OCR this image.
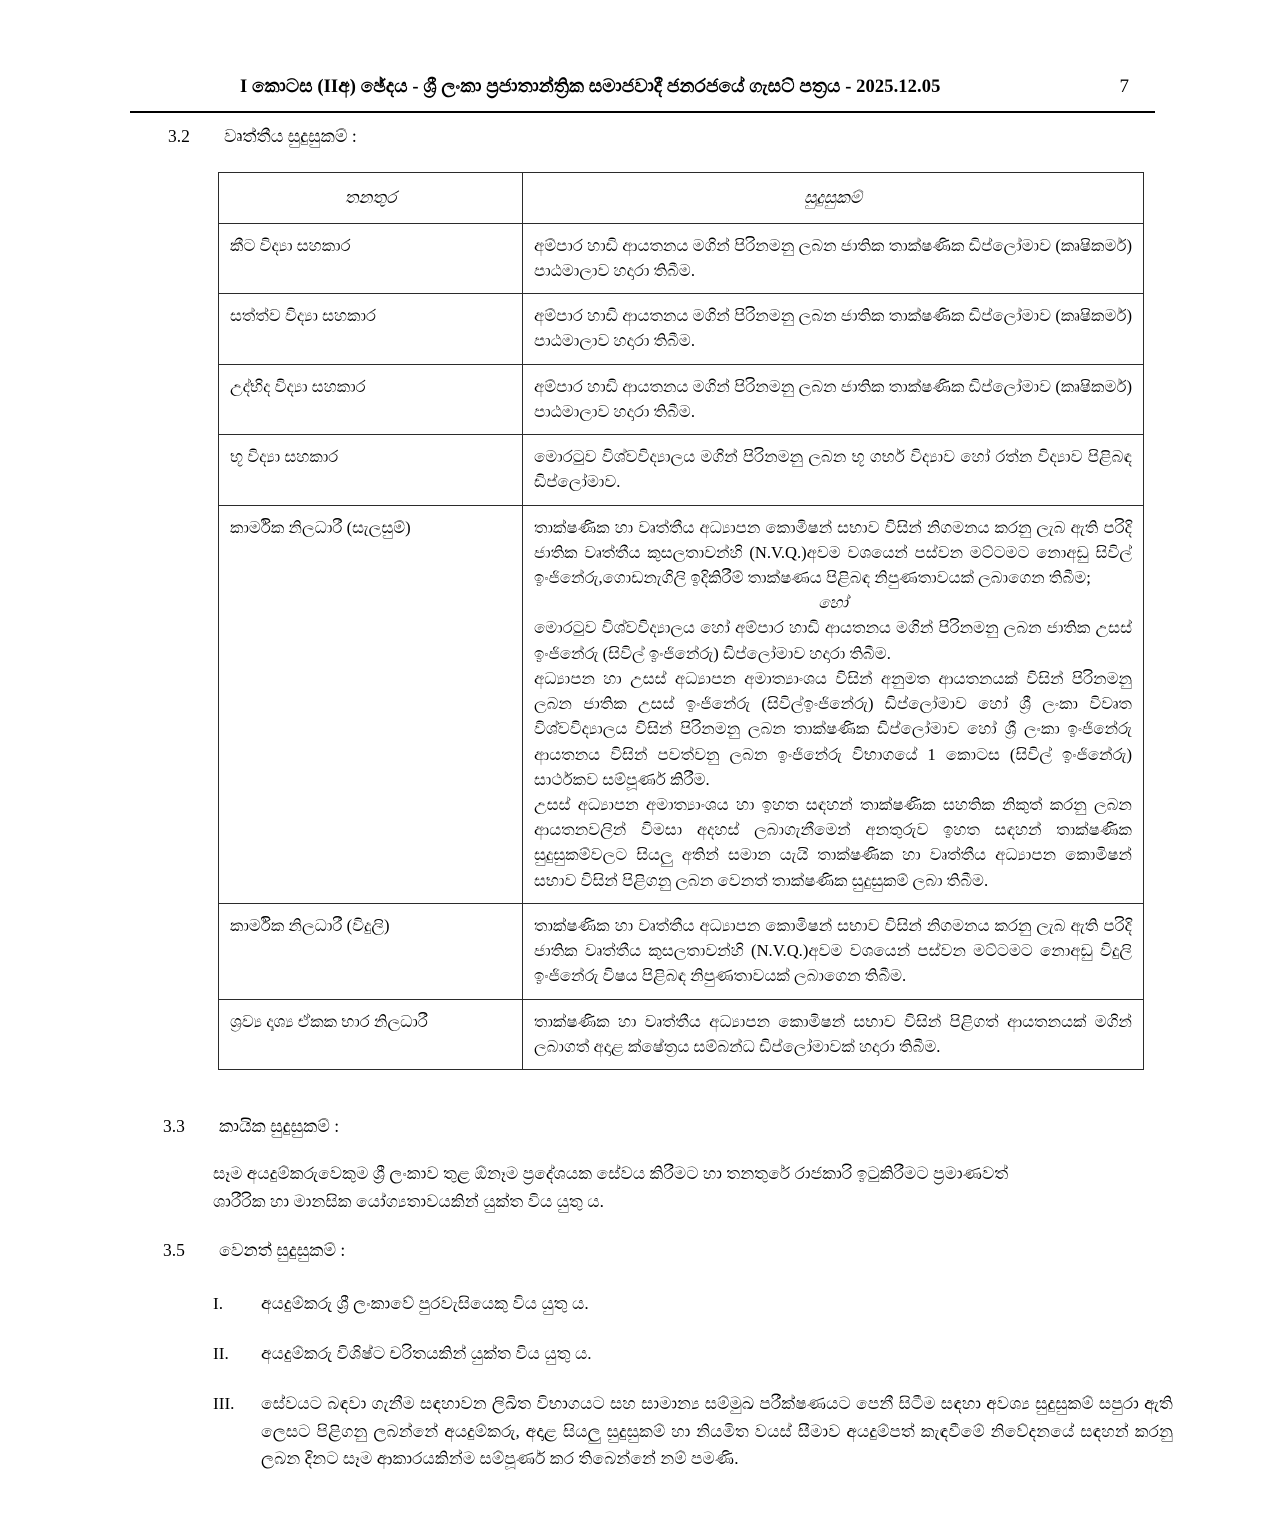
I කොටස (IIඅ) ඡේදය - ශ්‍රී ලංකා ප්‍රජාතාන්ත්‍රික සමාජවාදී ජනරජයේ ගැසට් පත්‍රය - 2025.12.05	7
3.2	වෘත්තීය සුදුසුකම් :
තනතුර	සුදුසුකම්
කීට විද්‍යා සහකාර	අම්පාර හාඩි ආයතනය මගින් පිරිනමනු ලබන ජාතික තාක්ෂණික ඩිප්ලෝමාව (කෘෂිකර්ම) පාඨමාලාව හදාරා තිබීම.
සත්ත්ව විද්‍යා සහකාර	අම්පාර හාඩි ආයතනය මගින් පිරිනමනු ලබන ජාතික තාක්ෂණික ඩිප්ලෝමාව (කෘෂිකර්ම) පාඨමාලාව හදාරා තිබීම.
උද්භිද විද්‍යා සහකාර	අම්පාර හාඩි ආයතනය මගින් පිරිනමනු ලබන ජාතික තාක්ෂණික ඩිප්ලෝමාව (කෘෂිකර්ම) පාඨමාලාව හදාරා තිබීම.
භූ විද්‍යා සහකාර	මොරටුව විශ්වවිද්‍යාලය මගින් පිරිනමනු ලබන භූ ගර්භ විද්‍යාව හෝ රත්න විද්‍යාව පිළිබඳ ඩිප්ලෝමාව.
කාර්මික නිලධාරී (සැලසුම්)	තාක්ෂණික හා වෘත්තීය අධ්‍යාපන කොමිෂන් සභාව විසින් නිගමනය කරනු ලැබ ඇති පරිදි ජාතික වෘත්තීය කුසලතාවන්හි (N.V.Q.)අවම වශයෙන් පස්වන මට්ටමට නොඅඩු සිවිල් ඉංජිනේරු,ගොඩනැගිලි ඉදිකිරීම් තාක්ෂණය පිළිබඳ නිපුණතාවයක් ලබාගෙන තිබීම;

හෝ

මොරටුව විශ්වවිද්‍යාලය හෝ අම්පාර හාඩි ආයතනය මගින් පිරිනමනු ලබන ජාතික උසස් ඉංජිනේරු (සිවිල් ඉංජිනේරු) ඩිප්ලෝමාව හදාරා තිබීම.

අධ්‍යාපන හා උසස් අධ්‍යාපන අමාත්‍යාංශය විසින් අනුමත ආයතනයක් විසින් පිරිනමනු ලබන ජාතික උසස් ඉංජිනේරු (සිවිල්ඉංජිනේරු) ඩිප්ලෝමාව හෝ ශ්‍රී ලංකා විවෘත විශ්වවිද්‍යාලය විසින් පිරිනමනු ලබන තාක්ෂණික ඩිප්ලෝමාව හෝ ශ්‍රී ලංකා ඉංජිනේරු ආයතනය විසින් පවත්වනු ලබන ඉංජිනේරු විභාගයේ 1 කොටස (සිවිල් ඉංජිනේරු) සාර්ථකව සම්පූර්ණ කිරීම.

උසස් අධ්‍යාපන අමාත්‍යාංශය හා ඉහත සඳහන් තාක්ෂණික සහතික නිකුත් කරනු ලබන ආයතනවලින් විමසා අදහස් ලබාගැනීමෙන් අනතුරුව ඉහත සඳහන් තාක්ෂණික සුදුසුකම්වලට සියලු අතින් සමාන යැයි තාක්ෂණික හා වෘත්තීය අධ්‍යාපන කොමිෂන් සභාව විසින් පිළිගනු ලබන වෙනත් තාක්ෂණික සුදුසුකම් ලබා තිබීම.

කාර්මික නිලධාරී (විදුලි)	තාක්ෂණික හා වෘත්තීය අධ්‍යාපන කොමිෂන් සභාව විසින් නිගමනය කරනු ලැබ ඇති පරිදි ජාතික වෘත්තීය කුසලතාවන්හි (N.V.Q.)අවම වශයෙන් පස්වන මට්ටමට නොඅඩු විදුලි ඉංජිනේරු විෂය පිළිබඳ නිපුණතාවයක් ලබාගෙන තිබීම.
ශ්‍රව්‍ය දෘශ්‍ය ඒකක භාර නිලධාරී	තාක්ෂණික හා වෘත්තීය අධ්‍යාපන කොමිෂන් සභාව විසින් පිළිගත් ආයතනයක් මගින් ලබාගත් අදාළ ක්ෂේත්‍රය සම්බන්ධ ඩිප්ලෝමාවක් හදාරා තිබීම.
3.3	කායික සුදුසුකම් :
සෑම අයදුම්කරුවෙකුම ශ්‍රී ලංකාව තුළ ඕනෑම ප්‍රදේශයක සේවය කිරීමට හා තනතුරේ රාජකාරි ඉටුකිරීමට ප්‍රමාණවත්
ශාරීරික හා මානසික යෝග්‍යතාවයකින් යුක්ත විය යුතු ය.
3.5	වෙනත් සුදුසුකම් :
I.	අයදුම්කරු ශ්‍රී ලංකාවේ පුරවැසියෙකු විය යුතු ය.
II.	අයදුම්කරු විශිෂ්ට චරිතයකින් යුක්ත විය යුතු ය.
III.	සේවයට බඳවා ගැනීම සඳහාවන ලිඛිත විභාගයට සහ සාමාන්‍ය සම්මුඛ පරීක්ෂණයට පෙනී සිටීම සඳහා අවශ්‍ය සුදුසුකම් සපුරා ඇති ලෙසට පිළිගනු ලබන්නේ අයදුම්කරු, අදාළ සියලු සුදුසුකම් හා නියමිත වයස් සීමාව අයදුම්පත් කැඳවීමේ නිවේදනයේ සඳහන් කරනු ලබන දිනට සෑම ආකාරයකින්ම සම්පූර්ණ කර තිබෙන්නේ නම් පමණි.
